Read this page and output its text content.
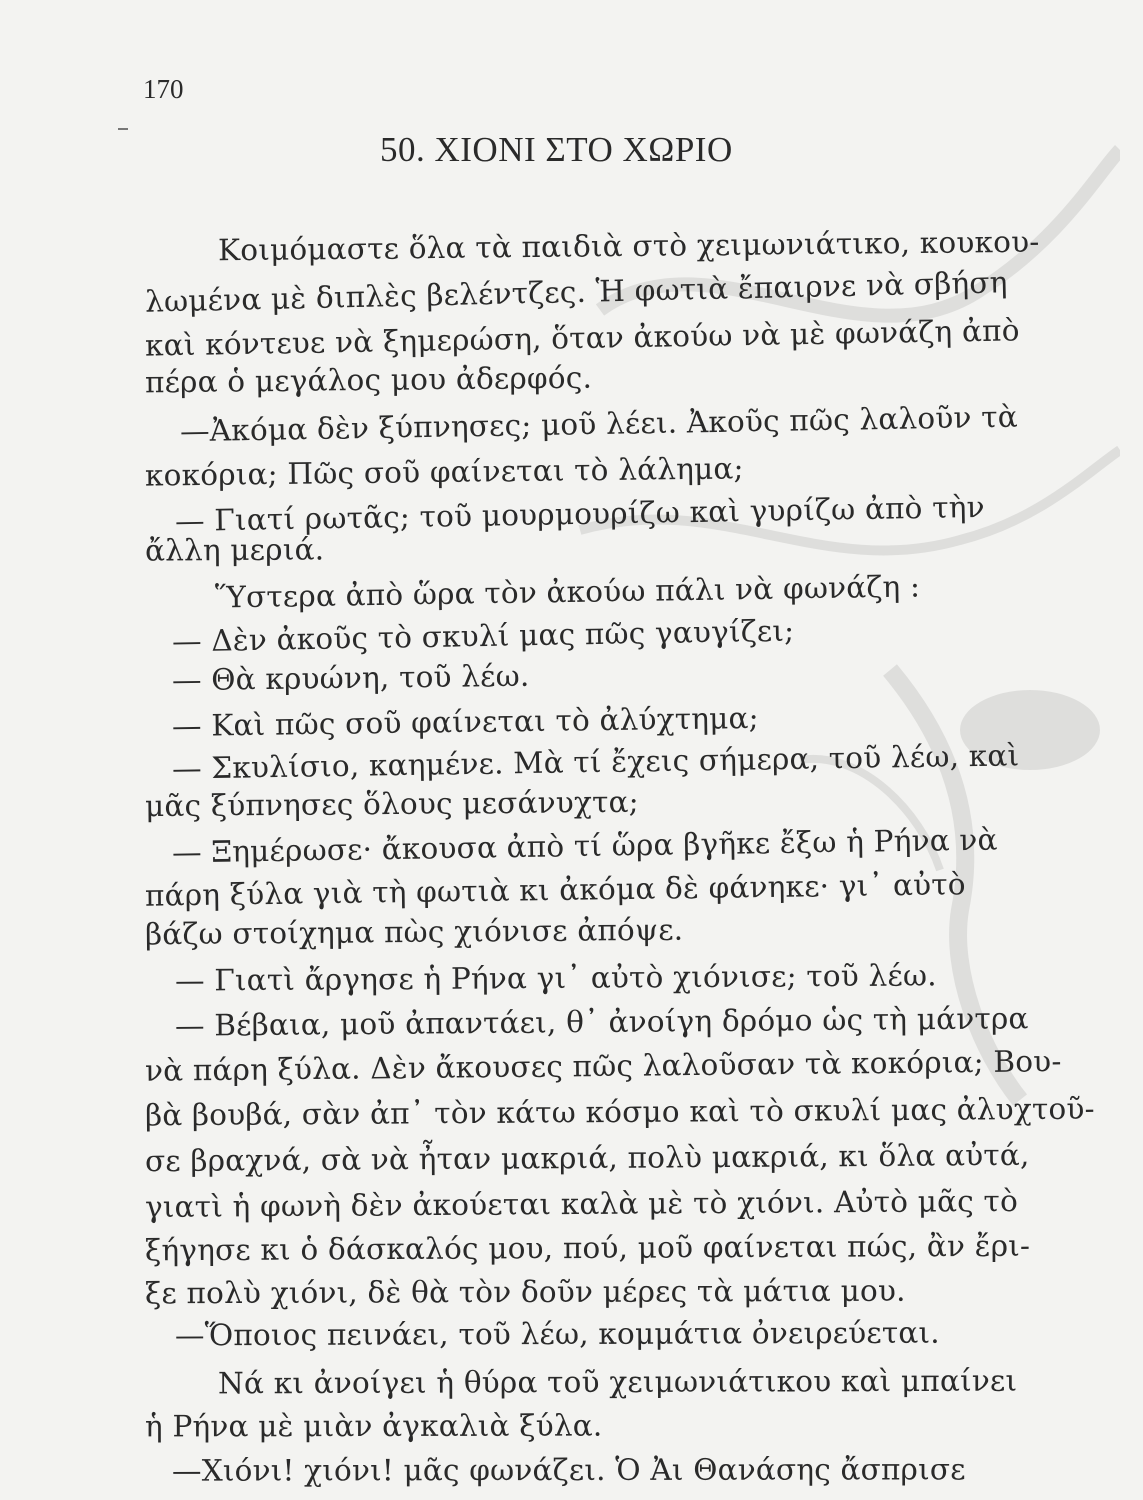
170
50. ΧΙΟΝΙ ΣΤΟ ΧΩΡΙΟ
Κοιμόμαστε ὅλα τὰ παιδιὰ στὸ χειμωνιάτικο, κουκου-
λωμένα μὲ διπλὲς βελέντζες. Ἡ φωτιὰ ἔπαιρνε νὰ σβήση
καὶ κόντευε νὰ ξημερώση, ὅταν ἀκούω νὰ μὲ φωνάζη ἀπὸ
πέρα ὁ μεγάλος μου ἀδερφός.
—Ἀκόμα δὲν ξύπνησες; μοῦ λέει. Ἀκοῦς πῶς λαλοῦν τὰ
κοκόρια; Πῶς σοῦ φαίνεται τὸ λάλημα;
— Γιατί ρωτᾶς; τοῦ μουρμουρίζω καὶ γυρίζω ἀπὸ τὴν
ἄλλη μεριά.
Ὕστερα ἀπὸ ὥρα τὸν ἀκούω πάλι νὰ φωνάζη :
— Δὲν ἀκοῦς τὸ σκυλί μας πῶς γαυγίζει;
— Θὰ κρυώνη, τοῦ λέω.
— Καὶ πῶς σοῦ φαίνεται τὸ ἀλύχτημα;
— Σκυλίσιο, καημένε. Μὰ τί ἔχεις σήμερα, τοῦ λέω, καὶ
μᾶς ξύπνησες ὅλους μεσάνυχτα;
— Ξημέρωσε· ἄκουσα ἀπὸ τί ὥρα βγῆκε ἔξω ἡ Ρήνα νὰ
πάρη ξύλα γιὰ τὴ φωτιὰ κι ἀκόμα δὲ φάνηκε· γι᾿ αὐτὸ
βάζω στοίχημα πὼς χιόνισε ἀπόψε.
— Γιατὶ ἄργησε ἡ Ρήνα γι᾿ αὐτὸ χιόνισε; τοῦ λέω.
— Βέβαια, μοῦ ἀπαντάει, θ᾿ ἀνοίγη δρόμο ὡς τὴ μάντρα
νὰ πάρη ξύλα. Δὲν ἄκουσες πῶς λαλοῦσαν τὰ κοκόρια; Βου-
βὰ βουβά, σὰν ἀπ᾿ τὸν κάτω κόσμο καὶ τὸ σκυλί μας ἀλυχτοῦ-
σε βραχνά, σὰ νὰ ἦταν μακριά, πολὺ μακριά, κι ὅλα αὐτά,
γιατὶ ἡ φωνὴ δὲν ἀκούεται καλὰ μὲ τὸ χιόνι. Αὐτὸ μᾶς τὸ
ξήγησε κι ὁ δάσκαλός μου, πού, μοῦ φαίνεται πώς, ἂν ἔρι-
ξε πολὺ χιόνι, δὲ θὰ τὸν δοῦν μέρες τὰ μάτια μου.
—Ὅποιος πεινάει, τοῦ λέω, κομμάτια ὀνειρεύεται.
Νά κι ἀνοίγει ἡ θύρα τοῦ χειμωνιάτικου καὶ μπαίνει
ἡ Ρήνα μὲ μιὰν ἀγκαλιὰ ξύλα.
—Χιόνι! χιόνι! μᾶς φωνάζει. Ὁ Ἀι Θανάσης ἄσπρισε
